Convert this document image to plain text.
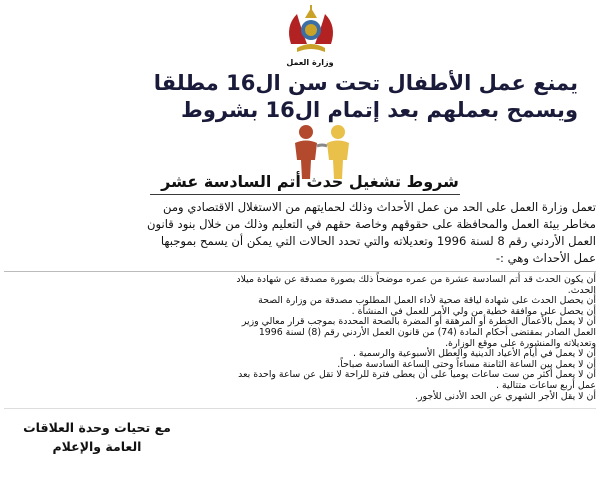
وزارة العمل
يمنع عمل الأطفال تحت سن ال16 مطلقا
ويسمح بعملهم بعد إتمام ال16 بشروط
شروط تشغيل حدث أتم السادسة عشر
تعمل وزارة العمل على الحد من عمل الأحداث وذلك لحمايتهم من الاستغلال الاقتصادي ومن
مخاطر بيئة العمل والمحافظة على حقوقهم وخاصة حقهم في التعليم وذلك من خلال بنود قانون
العمل الأردني رقم 8 لسنة 1996 وتعديلاته والتي تحدد الحالات التي يمكن أن يسمح بموجبها
عمل الأحداث وهي :-
أن يكون الحدث قد أتم السادسة عشرة من عمره موضحاً ذلك بصورة مصدقة عن شهادة ميلاد
الحدث.
أن يحصل الحدث على شهادة لياقة صحية لأداء العمل المطلوب مصدقة من وزارة الصحة
أن يحصل على موافقة خطية من ولي الأمر للعمل في المنشأة .
أن لا يعمل بالأعمال الخطرة أو المرهقة أو المضرة بالصحة المحددة بموجب قرار معالي وزير
العمل الصادر بمقتضى أحكام المادة (74) من قانون العمل الأردني رقم (8) لسنة 1996
وتعديلاته والمنشورة على موقع الوزارة.
أن لا يعمل في أيام الأعياد الدينية والعطل الأسبوعية والرسمية .
أن لا يعمل بين الساعة الثامنة مساءاً وحتى الساعة السادسة صباحاً.
أن لا يعمل أكثر من ست ساعات يوميا على أن يعطى فترة للراحة لا تقل عن ساعة واحدة بعد
عمل أربع ساعات متتالية .
أن لا يقل الأجر الشهري عن الحد الأدنى للأجور.
مع تحيات وحدة العلاقات
العامة والإعلام
